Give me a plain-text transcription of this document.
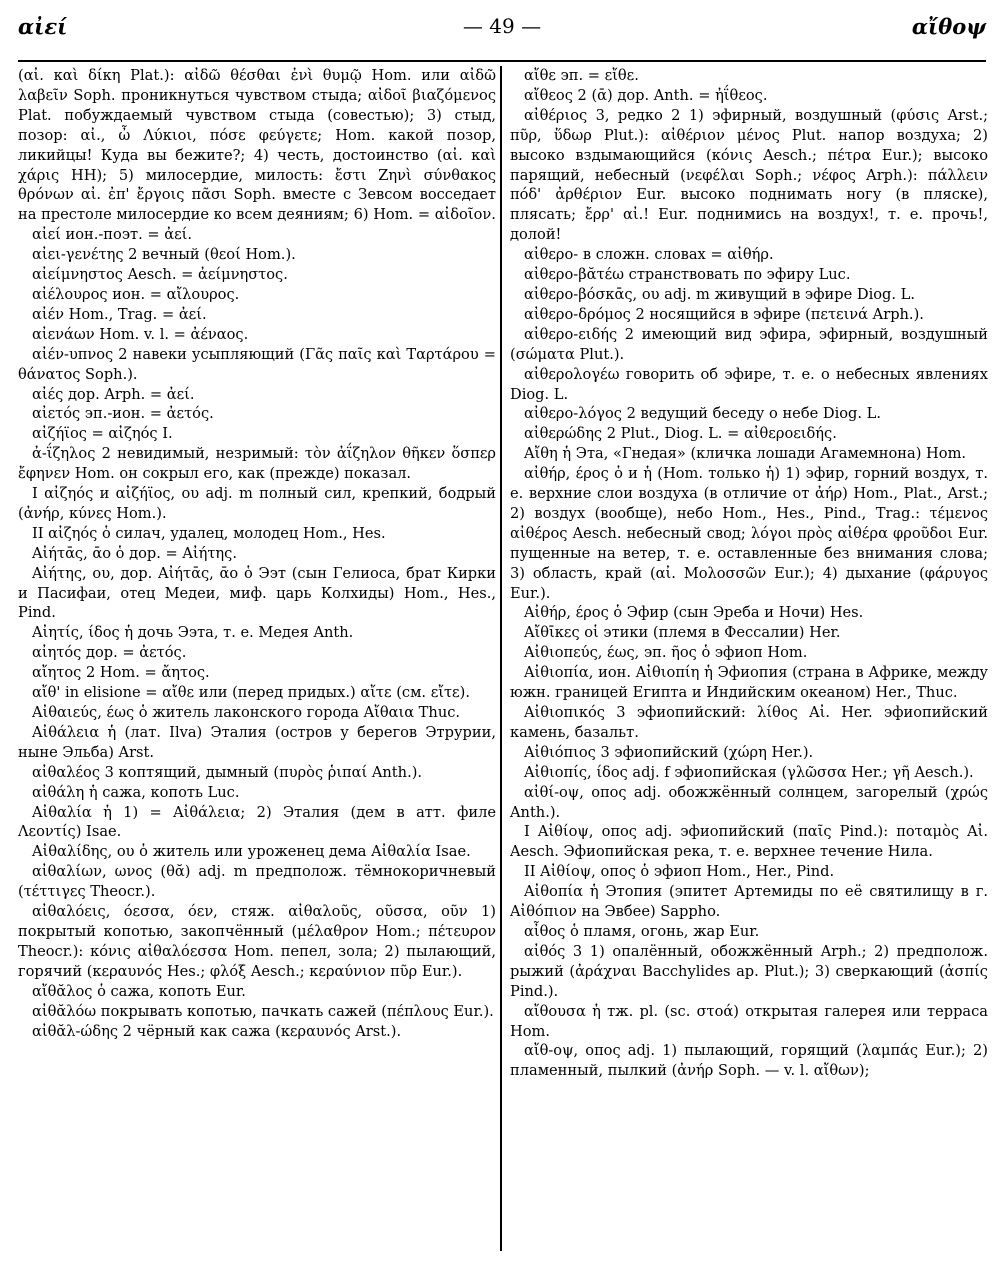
αἰεί	— 49 —	αἴθοψ

(αἰ. καὶ δίκη Plat.): αἰδῶ θέσθαι ἐνὶ θυμῷ Hom. или αἰδῶ λαβεῖν Soph. проникнуться чувством стыда; αἰδοῖ βιαζόμενος Plat. побуждаемый чувством стыда (совестью); 3) стыд, позор: αἰ., ὦ Λύκιοι, πόσε φεύγετε; Hom. какой позор, ликийцы! Куда вы бежите?; 4) честь, достоинство (αἰ. καὶ χάρις HH); 5) милосердие, милость: ἔστι Ζηνὶ σύνθακος θρόνων αἰ. ἐπ' ἔργοις πᾶσι Soph. вместе с Зевсом восседает на престоле милосердие ко всем деяниям; 6) Hom. = αἰδοῖον.

αἰεί ион.-поэт. = ἀεί.

αἰει-γενέτης 2 вечный (θεοί Hom.).

αἰείμνηστος Aesch. = ἀείμνηστος.

αἰέλουρος ион. = αἴλουρος.

αἰέν Hom., Trag. = ἀεί.

αἰενάων Hom. v. l. = ἀέναος.

αἰέν-υπνος 2 навеки усыпляющий (Γᾶς παῖς καὶ Ταρτάρου = θάνατος Soph.).

αἰές дор. Arph. = ἀεί.

αἰετός эп.-ион. = ἀετός.

αἰζήϊος = αἰζηός I.

ἀ-ΐζηλος 2 невидимый, незримый: τὸν ἀΐζηλον θῆκεν ὅσπερ ἔφηνεν Hom. он сокрыл его, как (прежде) показал.

I αἰζηός и αἰζήϊος, ου adj. m полный сил, крепкий, бодрый (ἀνήρ, κύνες Hom.).

II αἰζηός ὁ силач, удалец, молодец Hom., Hes.

Αἰήτᾱς, ᾱο ὁ дор. = Αἰήτης.

Αἰήτης, ου, дор. Αἰήτᾱς, ᾱο ὁ Ээт (сын Гелиоса, брат Кирки и Пасифаи, отец Медеи, миф. царь Колхиды) Hom., Hes., Pind.

Αἰητίς, ίδος ἡ дочь Ээта, т. е. Медея Anth.

αἰητός дор. = ἀετός.

αἴητος 2 Hom. = ἄητος.

αἴθ' in elisione = αἴθε или (перед придых.) αἴτε (см. εἴτε).

Αἰθαιεύς, έως ὁ житель лаконского города Αἴθαια Thuc.

Αἰθάλεια ἡ (лат. Ilva) Эталия (остров у берегов Этрурии, ныне Эльба) Arst.

αἰθαλέος 3 коптящий, дымный (πυρὸς ῥιπαί Anth.).

αἰθάλη ἡ сажа, копоть Luc.

Αἰθαλία ἡ 1) = Αἰθάλεια; 2) Эталия (дем в атт. филе Λεοντίς) Isae.

Αἰθαλίδης, ου ὁ житель или уроженец дема Αἰθαλία Isae.

αἰθαλίων, ωνος (θᾰ) adj. m предполож. тёмнокоричневый (τέττιγες Theocr.).

αἰθαλόεις, όεσσα, όεν, стяж. αἰθαλοῦς, οῦσσα, οῦν 1) покрытый копотью, закопчённый (μέλαθρον Hom.; πέτευρον Theocr.): κόνις αἰθαλόεσσα Hom. пепел, зола; 2) пылающий, горячий (κεραυνός Hes.; φλόξ Aesch.; κεραύνιον πῦρ Eur.).

αἴθᾰλος ὁ сажа, копоть Eur.

αἰθᾰλόω покрывать копотью, пачкать сажей (πέπλους Eur.).

αἰθᾰλ-ώδης 2 чёрный как сажа (κεραυνός Arst.).

αἴθε эп. = εἴθε.

αἴθεος 2 (ᾱ) дор. Anth. = ἠΐθεος.

αἰθέριος 3, редко 2 1) эфирный, воздушный (φύσις Arst.; πῦρ, ὕδωρ Plut.): αἰθέριον μένος Plut. напор воздуха; 2) высоко вздымающийся (κόνις Aesch.; πέτρα Eur.); высоко парящий, небесный (νεφέλαι Soph.; νέφος Arph.): πάλλειν πόδ' ἀρθέριον Eur. высоко поднимать ногу (в пляске), плясать; ἔρρ' αἰ.! Eur. поднимись на воздух!, т. е. прочь!, долой!

αἰθερο- в сложн. словах = αἰθήρ.

αἰθερο-βᾰτέω странствовать по эфиру Luc.

αἰθερο-βόσκᾱς, ου adj. m живущий в эфире Diog. L.

αἰθερο-δρόμος 2 носящийся в эфире (πετεινά Arph.).

αἰθερο-ειδής 2 имеющий вид эфира, эфирный, воздушный (σώματα Plut.).

αἰθερολογέω говорить об эфире, т. е. о небесных явлениях Diog. L.

αἰθερο-λόγος 2 ведущий беседу о небе Diog. L.

αἰθερώδης 2 Plut., Diog. L. = αἰθεροειδής.

Αἴθη ἡ Эта, «Гнедая» (кличка лошади Агамемнона) Hom.

αἰθήρ, έρος ὁ и ἡ (Hom. только ἡ) 1) эфир, горний воздух, т. е. верхние слои воздуха (в отличие от ἀήρ) Hom., Plat., Arst.; 2) воздух (вообще), небо Hom., Hes., Pind., Trag.: τέμενος αἰθέρος Aesch. небесный свод; λόγοι πρὸς αἰθέρα φροῦδοι Eur. пущенные на ветер, т. е. оставленные без внимания слова; 3) область, край (αἰ. Μολοσσῶν Eur.); 4) дыхание (φάρυγος Eur.).

Αἰθήρ, έρος ὁ Эфир (сын Эреба и Ночи) Hes.

Αἴθῑκες οἱ этики (племя в Фессалии) Her.

Αἰθιοπεύς, έως, эп. ῆος ὁ эфиоп Hom.

Αἰθιοπία, ион. Αἰθιοπίη ἡ Эфиопия (страна в Африке, между южн. границей Египта и Индийским океаном) Her., Thuc.

Αἰθιοπικός 3 эфиопийский: λίθος Αἰ. Her. эфиопийский камень, базальт.

Αἰθιόπιος 3 эфиопийский (χώρη Her.).

Αἰθιοπίς, ίδος adj. f эфиопийская (γλῶσσα Her.; γῆ Aesch.).

αἰθί-οψ, οπος adj. обожжённый солнцем, загорелый (χρώς Anth.).

I Αἰθίοψ, οπος adj. эфиопийский (παῖς Pind.): ποταμὸς Αἰ. Aesch. Эфиопийская река, т. е. верхнее течение Нила.

II Αἰθίοψ, οπος ὁ эфиоп Hom., Her., Pind.

Αἰθοπία ἡ Этопия (эпитет Артемиды по её святилищу в г. Αἰθόπιον на Эвбее) Sappho.

αἶθος ὁ пламя, огонь, жар Eur.

αἰθός 3 1) опалённый, обожжённый Arph.; 2) предполож. рыжий (ἀράχναι Bacchylides ap. Plut.); 3) сверкающий (ἀσπίς Pind.).

αἴθουσα ἡ тж. pl. (sc. στοά) открытая галерея или терраса Hom.

αἴθ-οψ, οπος adj. 1) пылающий, горящий (λαμπάς Eur.); 2) пламенный, пылкий (ἀνήρ Soph. — v. l. αἴθων);
